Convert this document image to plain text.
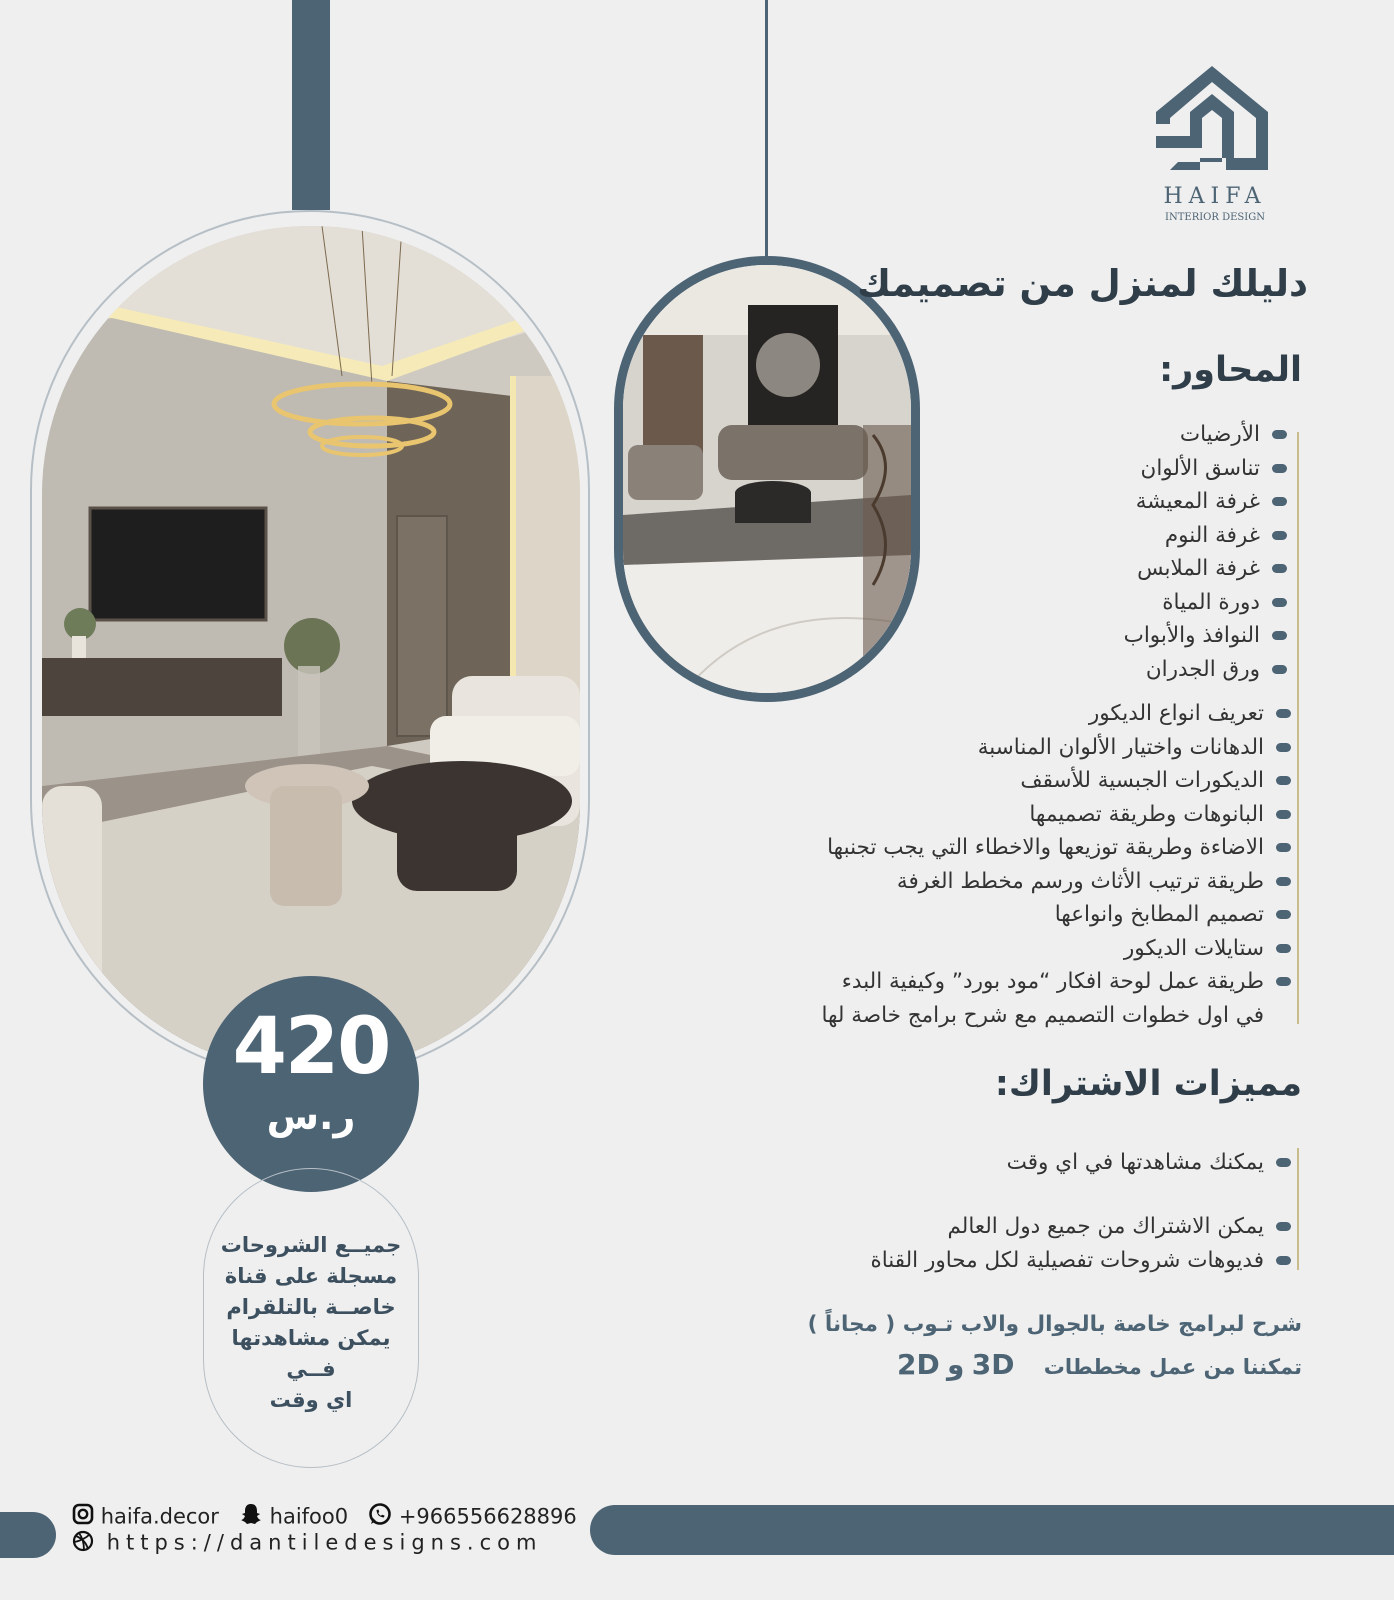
420
ر.س
جميــع الشروحات
مسجلة على قناة
خاصــة بالتلقرام
يمكن مشاهدتها
فــي
اي وقت
HAIFA
INTERIOR DESIGN
دليلك لمنزل من تصميمك
المحاور:
الأرضيات
تناسق الألوان
غرفة المعيشة
غرفة النوم
غرفة الملابس
دورة المياة
النوافذ والأبواب
ورق الجدران
تعريف انواع الديكور
الدهانات واختيار الألوان المناسبة
الديكورات الجبسية للأسقف
البانوهات وطريقة تصميمها
الاضاءة وطريقة توزيعها والاخطاء التي يجب تجنبها
طريقة ترتيب الأثاث ورسم مخطط الغرفة
تصميم المطابخ وانواعها
ستايلات الديكور
طريقة عمل لوحة افكار “مود بورد” وكيفية البدء
في اول خطوات التصميم مع شرح برامج خاصة لها
مميزات الاشتراك:
يمكنك مشاهدتها في اي وقت
يمكن الاشتراك من جميع دول العالم
فديوهات شروحات تفصيلية لكل محاور القناة
شرح لبرامج خاصة بالجوال والاب تـوب ( مجاناً )
تمكننا من عمل مخططات    3D و 2D
haifa.decor haifoo0 +966556628896
https://dantiledesigns.com
